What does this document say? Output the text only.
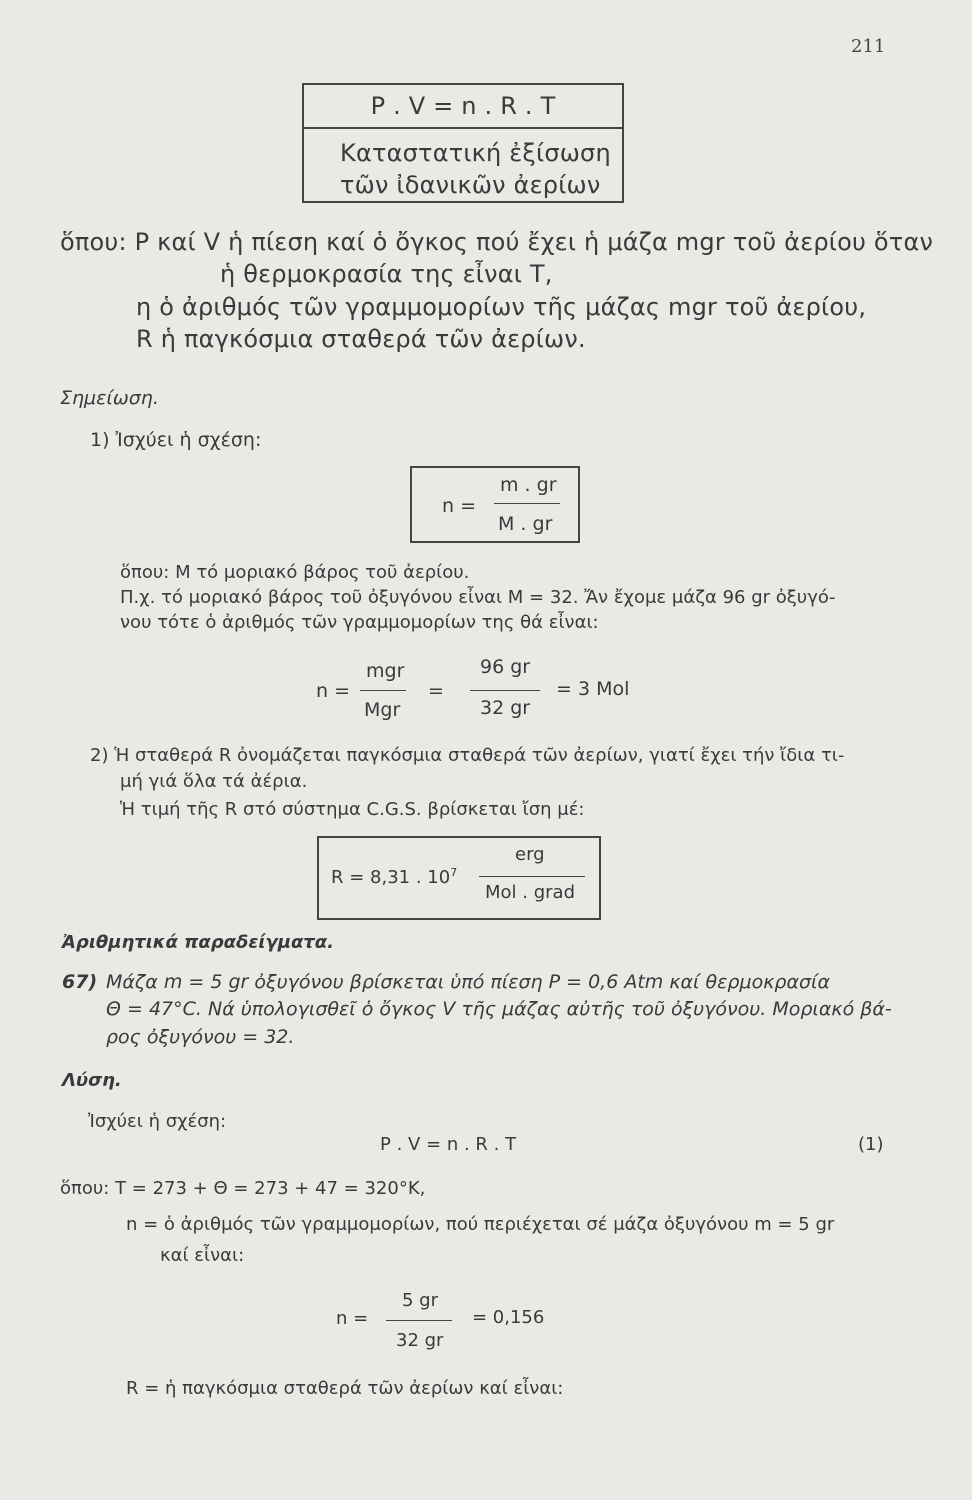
211
P . V = n . R . T
Καταστατική ἐξίσωση
τῶν ἰδανικῶν ἀερίων
ὅπου: P καί V ἡ πίεση καί ὁ ὄγκος πού ἔχει ἡ μάζα mgr τοῦ ἀερίου ὅταν
ἡ θερμοκρασία της εἶναι T,
η ὁ ἀριθμός τῶν γραμμομορίων τῆς μάζας mgr τοῦ ἀερίου,
R ἡ παγκόσμια σταθερά τῶν ἀερίων.
Σημείωση.
1) Ἰσχύει ἡ σχέση:
n =
m . gr
M . gr
ὅπου: M τό μοριακό βάρος τοῦ ἀερίου.
Π.χ. τό μοριακό βάρος τοῦ ὀξυγόνου εἶναι M = 32. Ἄν ἔχομε μάζα 96 gr ὀξυγό-
νου τότε ὁ ἀριθμός τῶν γραμμομορίων της θά εἶναι:
n =
mgr
Mgr
=
96 gr
32 gr
= 3 Mol
2) Ἡ σταθερά R ὀνομάζεται παγκόσμια σταθερά τῶν ἀερίων, γιατί ἔχει τήν ἴδια τι-
μή γιά ὅλα τά ἀέρια.
Ἡ τιμή τῆς R στό σύστημα C.G.S. βρίσκεται ἴση μέ:
R = 8,31 . $10^7$
erg
Mol . grad
Ἀριθμητικά παραδείγματα.
67) Μάζα m = 5 gr ὀξυγόνου βρίσκεται ὑπό πίεση P = 0,6 Atm καί θερμοκρασία
Θ = 47°C. Νά ὑπολογισθεῖ ὁ ὄγκος V τῆς μάζας αὐτῆς τοῦ ὀξυγόνου. Μοριακό βά-
ρος ὀξυγόνου = 32.
Λύση.
Ἰσχύει ἡ σχέση:
P . V = n . R . T	(1)
ὅπου: T = 273 + Θ = 273 + 47 = 320°K,
n = ὁ ἀριθμός τῶν γραμμομορίων, πού περιέχεται σέ μάζα ὀξυγόνου m = 5 gr
καί εἶναι:
n =
5 gr
32 gr
= 0,156
R = ἡ παγκόσμια σταθερά τῶν ἀερίων καί εἶναι:
